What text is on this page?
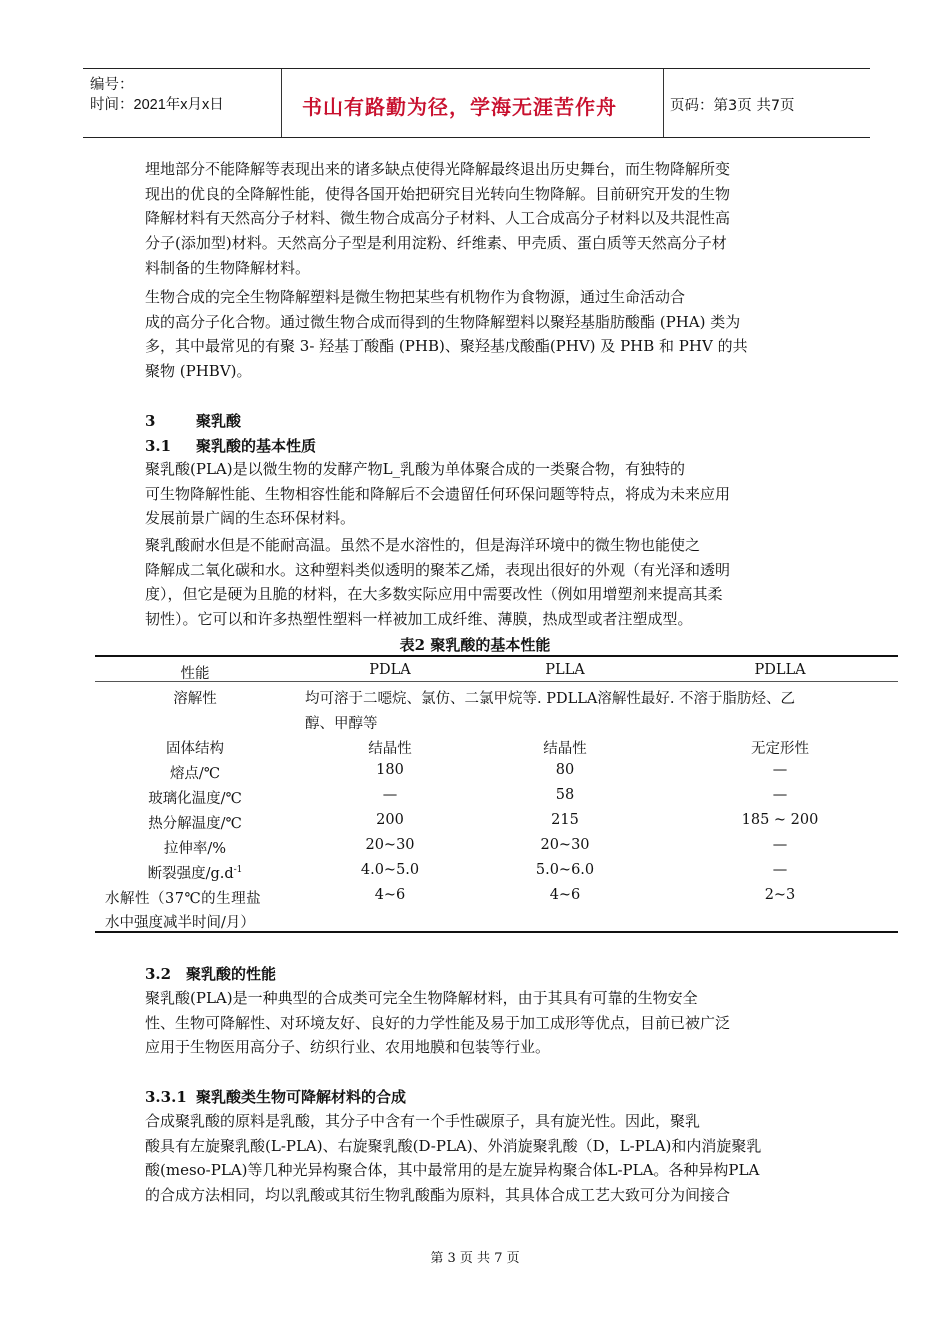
编号：
时间：2021年x月x日	书山有路勤为径，学海无涯苦作舟	页码：第3页 共7页
埋地部分不能降解等表现出来的诸多缺点使得光降解最终退出历史舞台，而生物降解所变
现出的优良的全降解性能，使得各国开始把研究目光转向生物降解。目前研究开发的生物
降解材料有天然高分子材料、微生物合成高分子材料、人工合成高分子材料以及共混性高
分子(添加型)材料。天然高分子型是利用淀粉、纤维素、甲壳质、蛋白质等天然高分子材
料制备的生物降解材料。
生物合成的完全生物降解塑料是微生物把某些有机物作为食物源，通过生命活动合
成的高分子化合物。通过微生物合成而得到的生物降解塑料以聚羟基脂肪酸酯 (PHA) 类为
多，其中最常见的有聚 3- 羟基丁酸酯 (PHB)、聚羟基戊酸酯(PHV) 及 PHB 和 PHV 的共
聚物 (PHBV)。
3	聚乳酸
3.1 聚乳酸的基本性质
聚乳酸(PLA)是以微生物的发酵产物L_乳酸为单体聚合成的一类聚合物，有独特的
可生物降解性能、生物相容性能和降解后不会遗留任何环保问题等特点，将成为未来应用
发展前景广阔的生态环保材料。
聚乳酸耐水但是不能耐高温。虽然不是水溶性的，但是海洋环境中的微生物也能使之
降解成二氧化碳和水。这种塑料类似透明的聚苯乙烯，表现出很好的外观（有光泽和透明
度），但它是硬为且脆的材料，在大多数实际应用中需要改性（例如用增塑剂来提高其柔
韧性）。它可以和许多热塑性塑料一样被加工成纤维、薄膜，热成型或者注塑成型。
表2 聚乳酸的基本性能
性能	PDLA	PLLA	PDLLA
溶解性	均可溶于二噁烷、氯仿、二氯甲烷等. PDLLA溶解性最好. 不溶于脂肪烃、乙
醇、甲醇等
固体结构	结晶性	结晶性	无定形性
熔点/℃	180	80	—
玻璃化温度/℃	—	58	—
热分解温度/℃	200	215	185 ~ 200
拉伸率/%	20~30	20~30	—
断裂强度$/g.d^{-1}$	4.0~5.0	5.0~6.0	—
水解性（37℃的生理盐
水中强度减半时间/月）
4~6	4~6	2~3
3.2 聚乳酸的性能
聚乳酸(PLA)是一种典型的合成类可完全生物降解材料，由于其具有可靠的生物安全
性、生物可降解性、对环境友好、良好的力学性能及易于加工成形等优点，目前已被广泛
应用于生物医用高分子、纺织行业、农用地膜和包装等行业。
3.3.1 聚乳酸类生物可降解材料的合成
合成聚乳酸的原料是乳酸，其分子中含有一个手性碳原子，具有旋光性。因此，聚乳
酸具有左旋聚乳酸(L-PLA)、右旋聚乳酸(D-PLA)、外消旋聚乳酸（D，L-PLA)和内消旋聚乳
酸(meso-PLA)等几种光异构聚合体，其中最常用的是左旋异构聚合体L-PLA。各种异构PLA
的合成方法相同，均以乳酸或其衍生物乳酸酯为原料，其具体合成工艺大致可分为间接合
第 3 页 共 7 页
